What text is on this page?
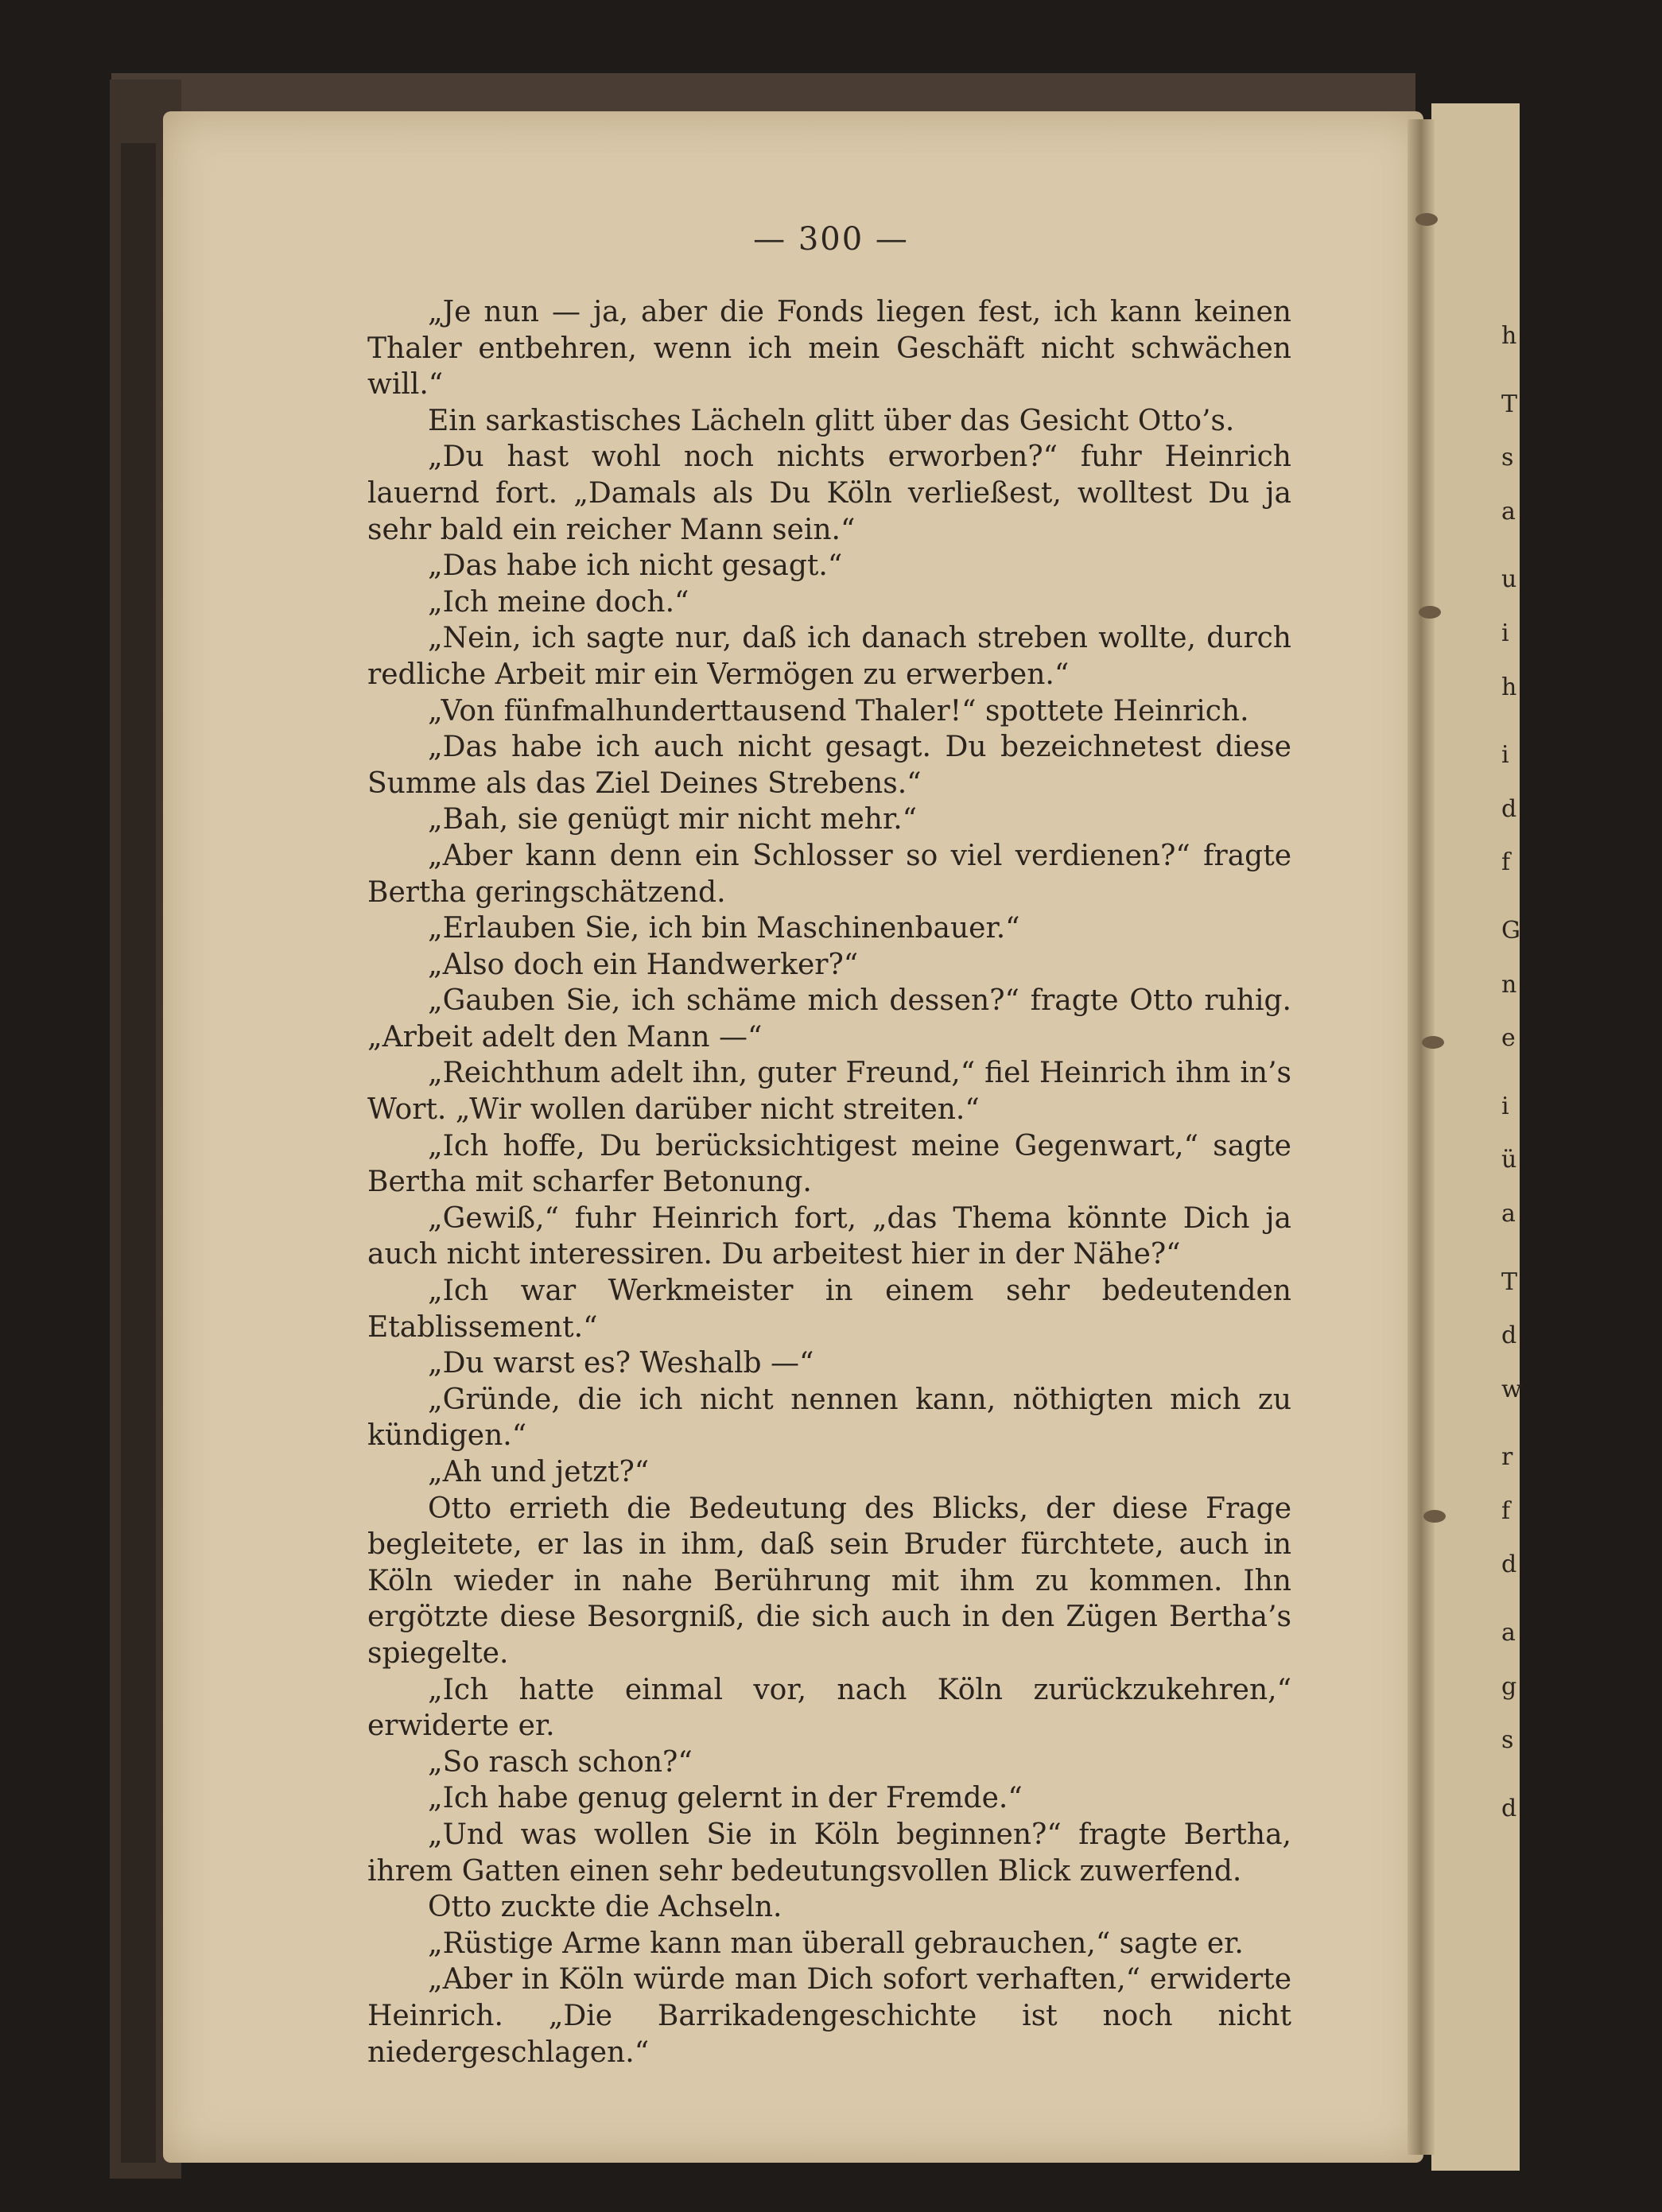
— 300 —

„Je nun — ja, aber die Fonds liegen fest, ich kann keinen Thaler entbehren, wenn ich mein Geschäft nicht schwächen will.“

Ein sarkastisches Lächeln glitt über das Gesicht Otto’s.

„Du hast wohl noch nichts erworben?“ fuhr Heinrich lauernd fort. „Damals als Du Köln verließest, wolltest Du ja sehr bald ein reicher Mann sein.“

„Das habe ich nicht gesagt.“

„Ich meine doch.“

„Nein, ich sagte nur, daß ich danach streben wollte, durch redliche Arbeit mir ein Vermögen zu erwerben.“

„Von fünfmalhunderttausend Thaler!“ spottete Heinrich.

„Das habe ich auch nicht gesagt. Du bezeichnetest diese Summe als das Ziel Deines Strebens.“

„Bah, sie genügt mir nicht mehr.“

„Aber kann denn ein Schlosser so viel verdienen?“ fragte Bertha geringschätzend.

„Erlauben Sie, ich bin Maschinenbauer.“

„Also doch ein Handwerker?“

„Gauben Sie, ich schäme mich dessen?“ fragte Otto ruhig. „Arbeit adelt den Mann —“

„Reichthum adelt ihn, guter Freund,“ fiel Heinrich ihm in’s Wort. „Wir wollen darüber nicht streiten.“

„Ich hoffe, Du berücksichtigest meine Gegenwart,“ sagte Bertha mit scharfer Betonung.

„Gewiß,“ fuhr Heinrich fort, „das Thema könnte Dich ja auch nicht interessiren. Du arbeitest hier in der Nähe?“

„Ich war Werkmeister in einem sehr bedeutenden Etablissement.“

„Du warst es? Weshalb —“

„Gründe, die ich nicht nennen kann, nöthigten mich zu kündigen.“

„Ah und jetzt?“

Otto errieth die Bedeutung des Blicks, der diese Frage begleitete, er las in ihm, daß sein Bruder fürchtete, auch in Köln wieder in nahe Berührung mit ihm zu kommen. Ihn ergötzte diese Besorgniß, die sich auch in den Zügen Bertha’s spiegelte.

„Ich hatte einmal vor, nach Köln zurückzukehren,“ erwiderte er.

„So rasch schon?“

„Ich habe genug gelernt in der Fremde.“

„Und was wollen Sie in Köln beginnen?“ fragte Bertha, ihrem Gatten einen sehr bedeutungsvollen Blick zuwerfend.

Otto zuckte die Achseln.

„Rüstige Arme kann man überall gebrauchen,“ sagte er.

„Aber in Köln würde man Dich sofort verhaften,“ erwiderte Heinrich. „Die Barrikadengeschichte ist noch nicht niedergeschlagen.“

h
T
s
a
u
i
h
i
d
f
G
n
e
i
ü
a
T
d
w
r
f
d
a
g
s
d
